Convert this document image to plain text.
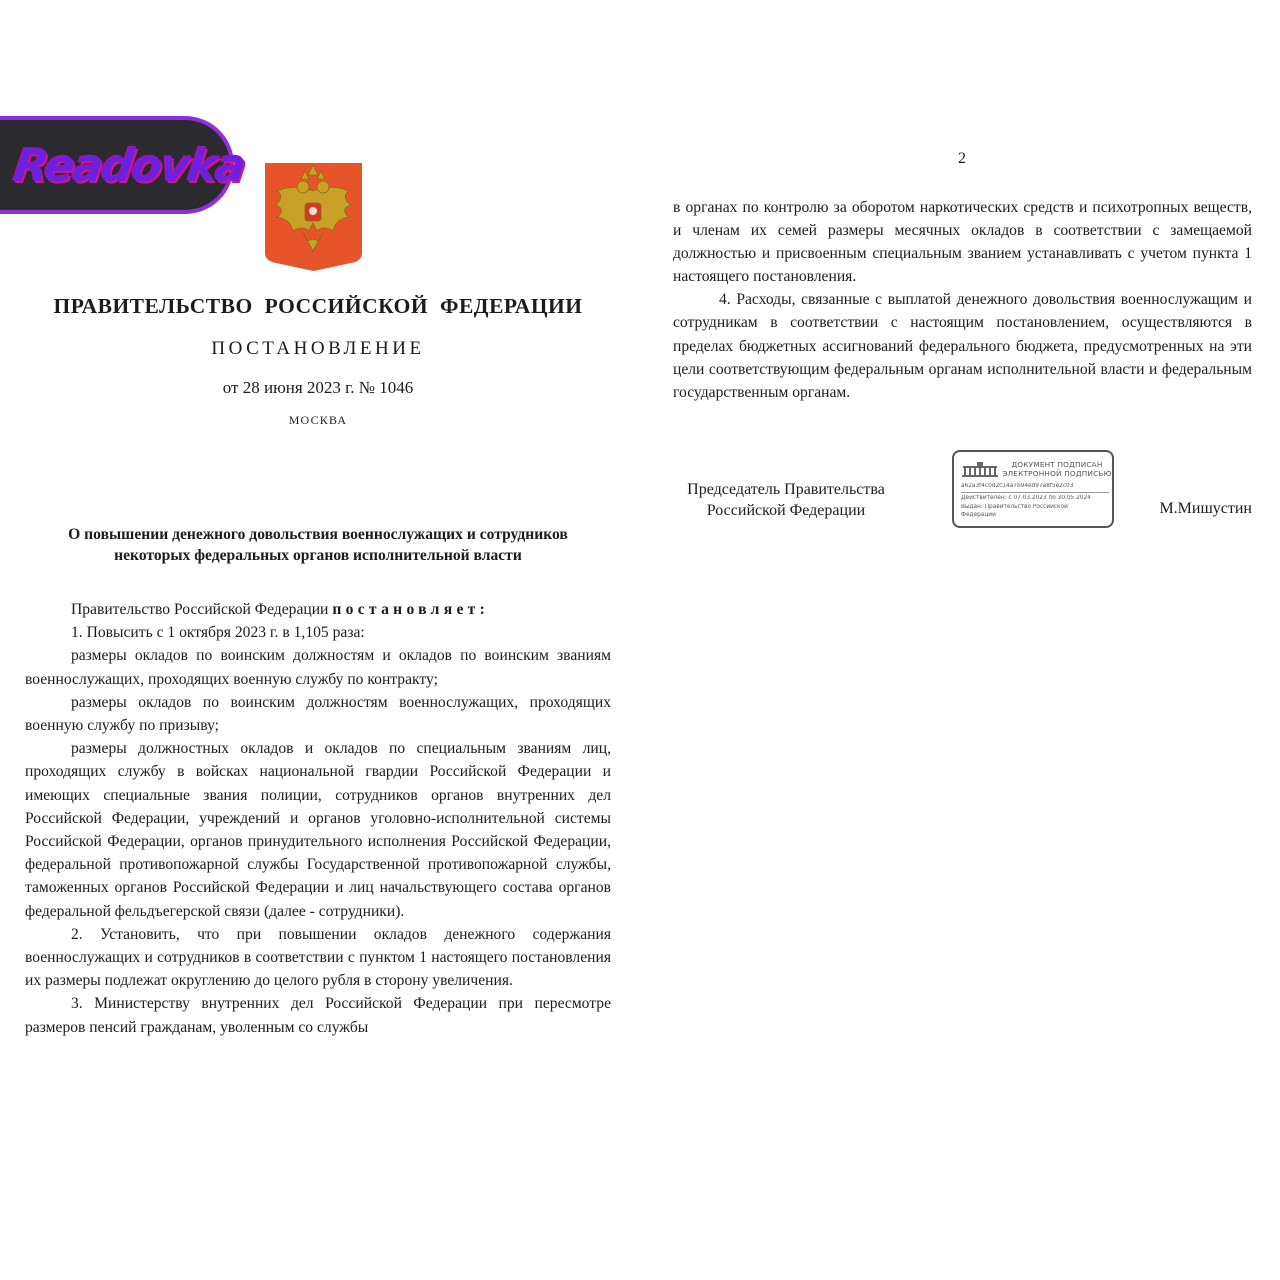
Readovka
ПРАВИТЕЛЬСТВО РОССИЙСКОЙ ФЕДЕРАЦИИ
ПОСТАНОВЛЕНИЕ
от 28 июня 2023 г. № 1046
МОСКВА
О повышении денежного довольствия военнослужащих и сотрудников
некоторых федеральных органов исполнительной власти

Правительство Российской Федерации постановляет:

1. Повысить с 1 октября 2023 г. в 1,105 раза:

размеры окладов по воинским должностям и окладов по воинским званиям военнослужащих, проходящих военную службу по контракту;

размеры окладов по воинским должностям военнослужащих, проходящих военную службу по призыву;

размеры должностных окладов и окладов по специальным званиям лиц, проходящих службу в войсках национальной гвардии Российской Федерации и имеющих специальные звания полиции, сотрудников органов внутренних дел Российской Федерации, учреждений и органов уголовно-исполнительной системы Российской Федерации, органов принудительного исполнения Российской Федерации, федеральной противопожарной службы Государственной противопожарной службы, таможенных органов Российской Федерации и лиц начальствующего состава органов федеральной фельдъегерской связи (далее - сотрудники).

2. Установить, что при повышении окладов денежного содержания военнослужащих и сотрудников в соответствии с пунктом 1 настоящего постановления их размеры подлежат округлению до целого рубля в сторону увеличения.

3. Министерству внутренних дел Российской Федерации при пересмотре размеров пенсий гражданам, уволенным со службы

2

в органах по контролю за оборотом наркотических средств и психотропных веществ, и членам их семей размеры месячных окладов в соответствии с замещаемой должностью и присвоенным специальным званием устанавливать с учетом пункта 1 настоящего постановления.

4. Расходы, связанные с выплатой денежного довольствия военнослужащим и сотрудникам в соответствии с настоящим постановлением, осуществляются в пределах бюджетных ассигнований федерального бюджета, предусмотренных на эти цели соответствующим федеральным органам исполнительной власти и федеральным государственным органам.

Председатель Правительства
Российской Федерации
ДОКУМЕНТ ПОДПИСАН
ЭЛЕКТРОННОЙ ПОДПИСЬЮ
a62a3f4c0d2c14a7b94ed97a8f5e2c03
Действителен: с 07.03.2023 по 30.05.2024
Выдан: Правительство Российской
Федерации	М.Мишустин
